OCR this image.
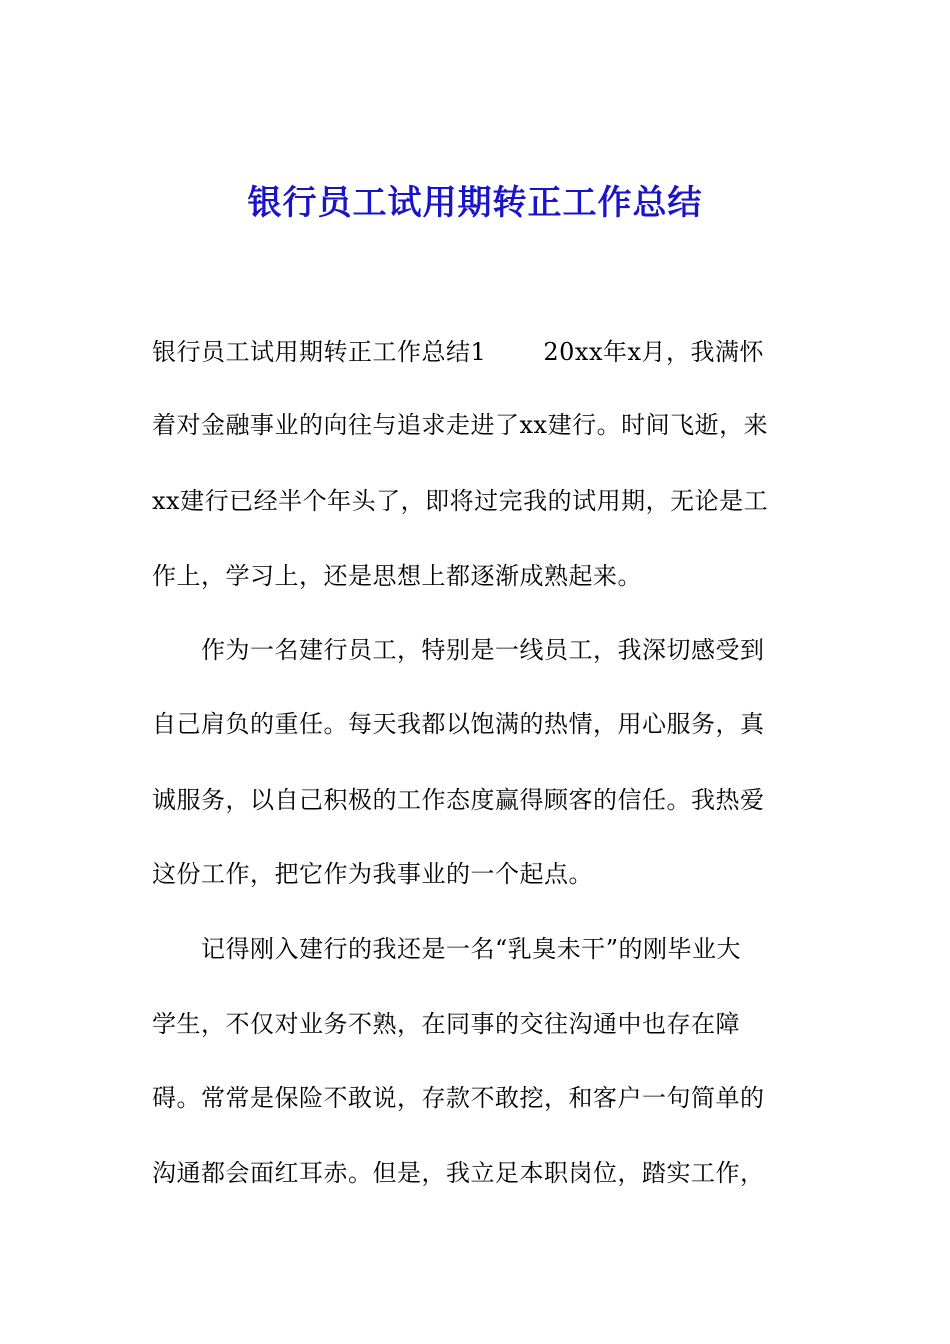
银行员工试用期转正工作总结
银行员工试用期转正工作总结1　　 20xx年x月，我满怀
着对金融事业的向往与追求走进了xx建行。时间飞逝，来
xx建行已经半个年头了，即将过完我的试用期，无论是工
作上，学习上，还是思想上都逐渐成熟起来。
　　作为一名建行员工，特别是一线员工，我深切感受到
自己肩负的重任。每天我都以饱满的热情，用心服务，真
诚服务，以自己积极的工作态度赢得顾客的信任。我热爱
这份工作，把它作为我事业的一个起点。
　　记得刚入建行的我还是一名“乳臭未干”的刚毕业大
学生，不仅对业务不熟，在同事的交往沟通中也存在障
碍。常常是保险不敢说，存款不敢挖，和客户一句简单的
沟通都会面红耳赤。但是，我立足本职岗位，踏实工作，
